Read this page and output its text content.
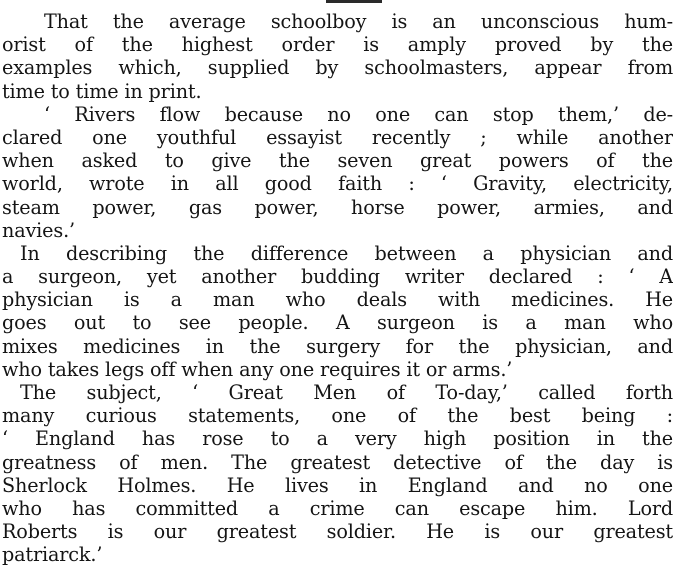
That the average schoolboy is an unconscious hum-
orist of the highest order is amply proved by the
examples which, supplied by schoolmasters, appear from
time to time in print.

‘ Rivers flow because no one can stop them,’ de-
clared one youthful essayist recently ; while another
when asked to give the seven great powers of the
world, wrote in all good faith : ‘ Gravity, electricity,
steam power, gas power, horse power, armies, and
navies.’

In describing the difference between a physician and
a surgeon, yet another budding writer declared : ‘ A
physician is a man who deals with medicines. He
goes out to see people. A surgeon is a man who
mixes medicines in the surgery for the physician, and
who takes legs off when any one requires it or arms.’

The subject, ‘ Great Men of To-day,’ called forth
many curious statements, one of the best being :
‘ England has rose to a very high position in the
greatness of men. The greatest detective of the day is
Sherlock Holmes. He lives in England and no one
who has committed a crime can escape him. Lord
Roberts is our greatest soldier. He is our greatest
patriarck.’
